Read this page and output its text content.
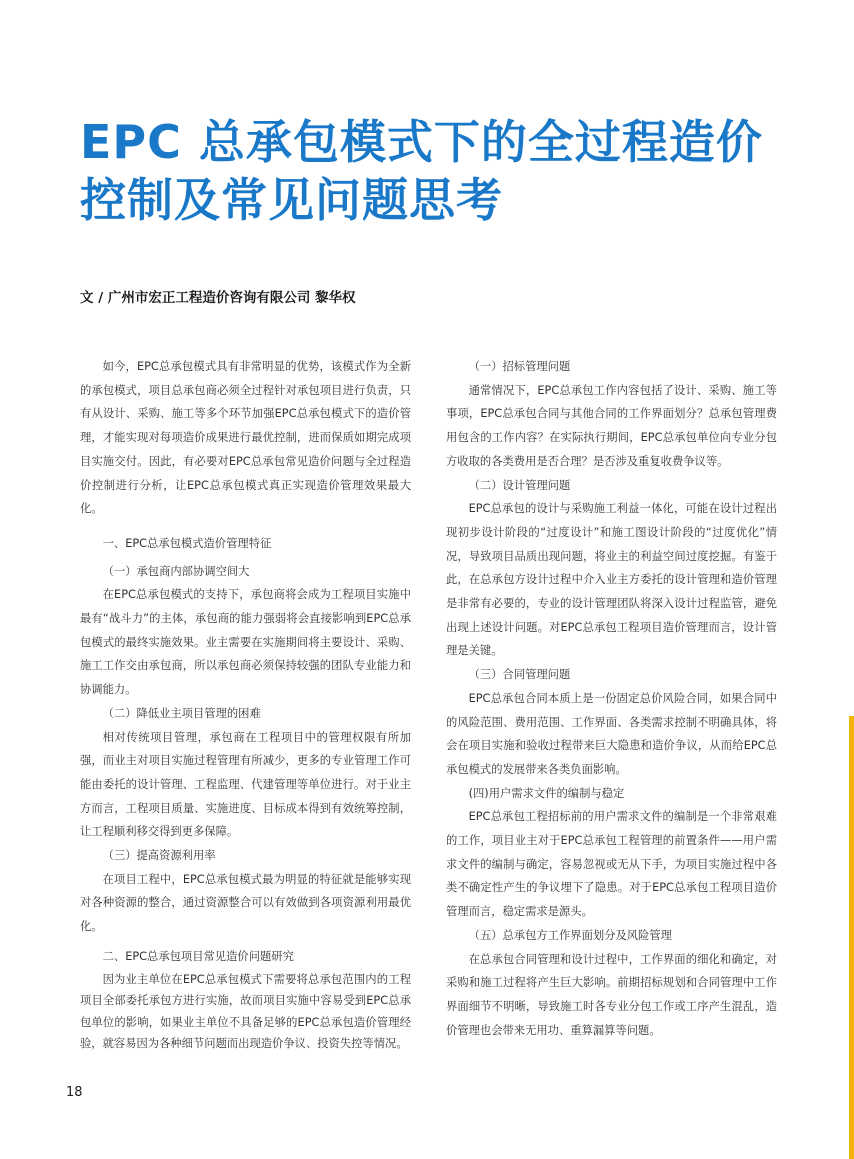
EPC 总承包模式下的全过程造价
控制及常见问题思考
文 / 广州市宏正工程造价咨询有限公司 黎华权

如今，EPC总承包模式具有非常明显的优势，该模式作为全新的承包模式，项目总承包商必须全过程针对承包项目进行负责，只有从设计、采购、施工等多个环节加强EPC总承包模式下的造价管理，才能实现对每项造价成果进行最优控制，进而保质如期完成项目实施交付。因此，有必要对EPC总承包常见造价问题与全过程造价控制进行分析，让EPC总承包模式真正实现造价管理效果最大化。

一、EPC总承包模式造价管理特征
（一）承包商内部协调空间大

在EPC总承包模式的支持下，承包商将会成为工程项目实施中最有“战斗力”的主体，承包商的能力强弱将会直接影响到EPC总承包模式的最终实施效果。业主需要在实施期间将主要设计、采购、施工工作交由承包商，所以承包商必须保持较强的团队专业能力和协调能力。

（二）降低业主项目管理的困难

相对传统项目管理，承包商在工程项目中的管理权限有所加强，而业主对项目实施过程管理有所减少，更多的专业管理工作可能由委托的设计管理、工程监理、代建管理等单位进行。对于业主方而言，工程项目质量、实施进度、目标成本得到有效统筹控制，让工程顺利移交得到更多保障。

（三）提高资源利用率

在项目工程中，EPC总承包模式最为明显的特征就是能够实现对各种资源的整合，通过资源整合可以有效做到各项资源利用最优化。

二、EPC总承包项目常见造价问题研究

因为业主单位在EPC总承包模式下需要将总承包范围内的工程项目全部委托承包方进行实施，故而项目实施中容易受到EPC总承包单位的影响，如果业主单位不具备足够的EPC总承包造价管理经验，就容易因为各种细节问题而出现造价争议、投资失控等情况。

（一）招标管理问题

通常情况下，EPC总承包工作内容包括了设计、采购、施工等事项，EPC总承包合同与其他合同的工作界面划分？总承包管理费用包含的工作内容？在实际执行期间，EPC总承包单位向专业分包方收取的各类费用是否合理？是否涉及重复收费争议等。

（二）设计管理问题

EPC总承包的设计与采购施工利益一体化，可能在设计过程出现初步设计阶段的“过度设计”和施工图设计阶段的“过度优化”情况，导致项目品质出现问题，将业主的利益空间过度挖掘。有鉴于此，在总承包方设计过程中介入业主方委托的设计管理和造价管理是非常有必要的，专业的设计管理团队将深入设计过程监管，避免出现上述设计问题。对EPC总承包工程项目造价管理而言，设计管理是关键。

（三）合同管理问题

EPC总承包合同本质上是一份固定总价风险合同，如果合同中的风险范围、费用范围、工作界面、各类需求控制不明确具体，将会在项目实施和验收过程带来巨大隐患和造价争议，从而给EPC总承包模式的发展带来各类负面影响。

(四)用户需求文件的编制与稳定

EPC总承包工程招标前的用户需求文件的编制是一个非常艰难的工作，项目业主对于EPC总承包工程管理的前置条件——用户需求文件的编制与确定，容易忽视或无从下手，为项目实施过程中各类不确定性产生的争议埋下了隐患。对于EPC总承包工程项目造价管理而言，稳定需求是源头。

（五）总承包方工作界面划分及风险管理

在总承包合同管理和设计过程中，工作界面的细化和确定，对采购和施工过程将产生巨大影响。前期招标规划和合同管理中工作界面细节不明晰，导致施工时各专业分包工作或工序产生混乱，造价管理也会带来无用功、重算漏算等问题。

18
